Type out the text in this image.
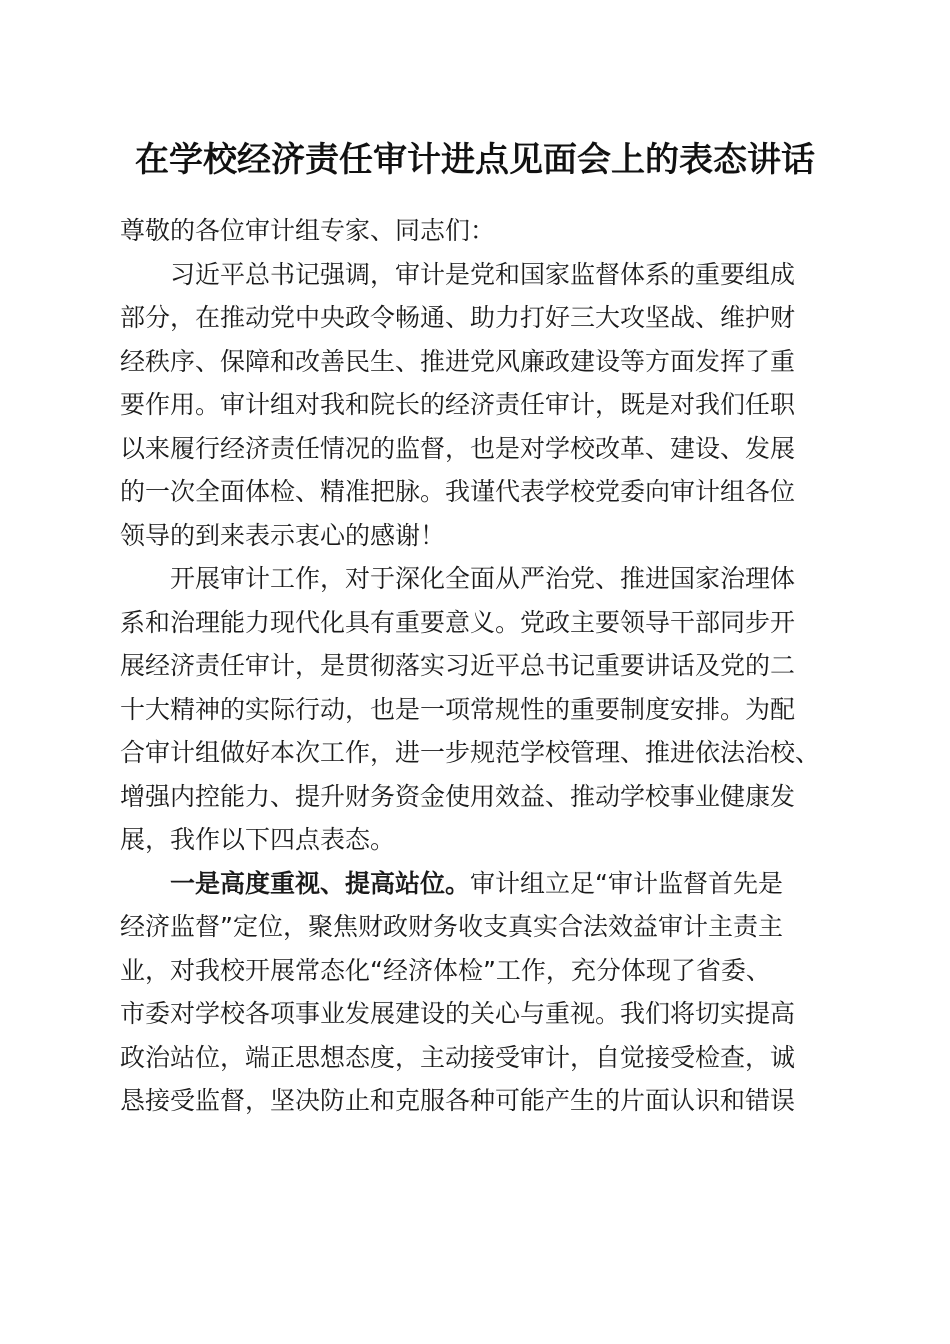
在学校经济责任审计进点见面会上的表态讲话
尊敬的各位审计组专家、同志们：

习近平总书记强调，审计是党和国家监督体系的重要组成
部分，在推动党中央政令畅通、助力打好三大攻坚战、维护财
经秩序、保障和改善民生、推进党风廉政建设等方面发挥了重
要作用。审计组对我和院长的经济责任审计，既是对我们任职
以来履行经济责任情况的监督，也是对学校改革、建设、发展
的一次全面体检、精准把脉。我谨代表学校党委向审计组各位
领导的到来表示衷心的感谢！

开展审计工作，对于深化全面从严治党、推进国家治理体
系和治理能力现代化具有重要意义。党政主要领导干部同步开
展经济责任审计，是贯彻落实习近平总书记重要讲话及党的二
十大精神的实际行动，也是一项常规性的重要制度安排。为配
合审计组做好本次工作，进一步规范学校管理、推进依法治校、
增强内控能力、提升财务资金使用效益、推动学校事业健康发
展，我作以下四点表态。

一是高度重视、提高站位。审计组立足“审计监督首先是
经济监督”定位，聚焦财政财务收支真实合法效益审计主责主
业，对我校开展常态化“经济体检”工作，充分体现了省委、
市委对学校各项事业发展建设的关心与重视。我们将切实提高
政治站位，端正思想态度，主动接受审计，自觉接受检查，诚
恳接受监督，坚决防止和克服各种可能产生的片面认识和错误
